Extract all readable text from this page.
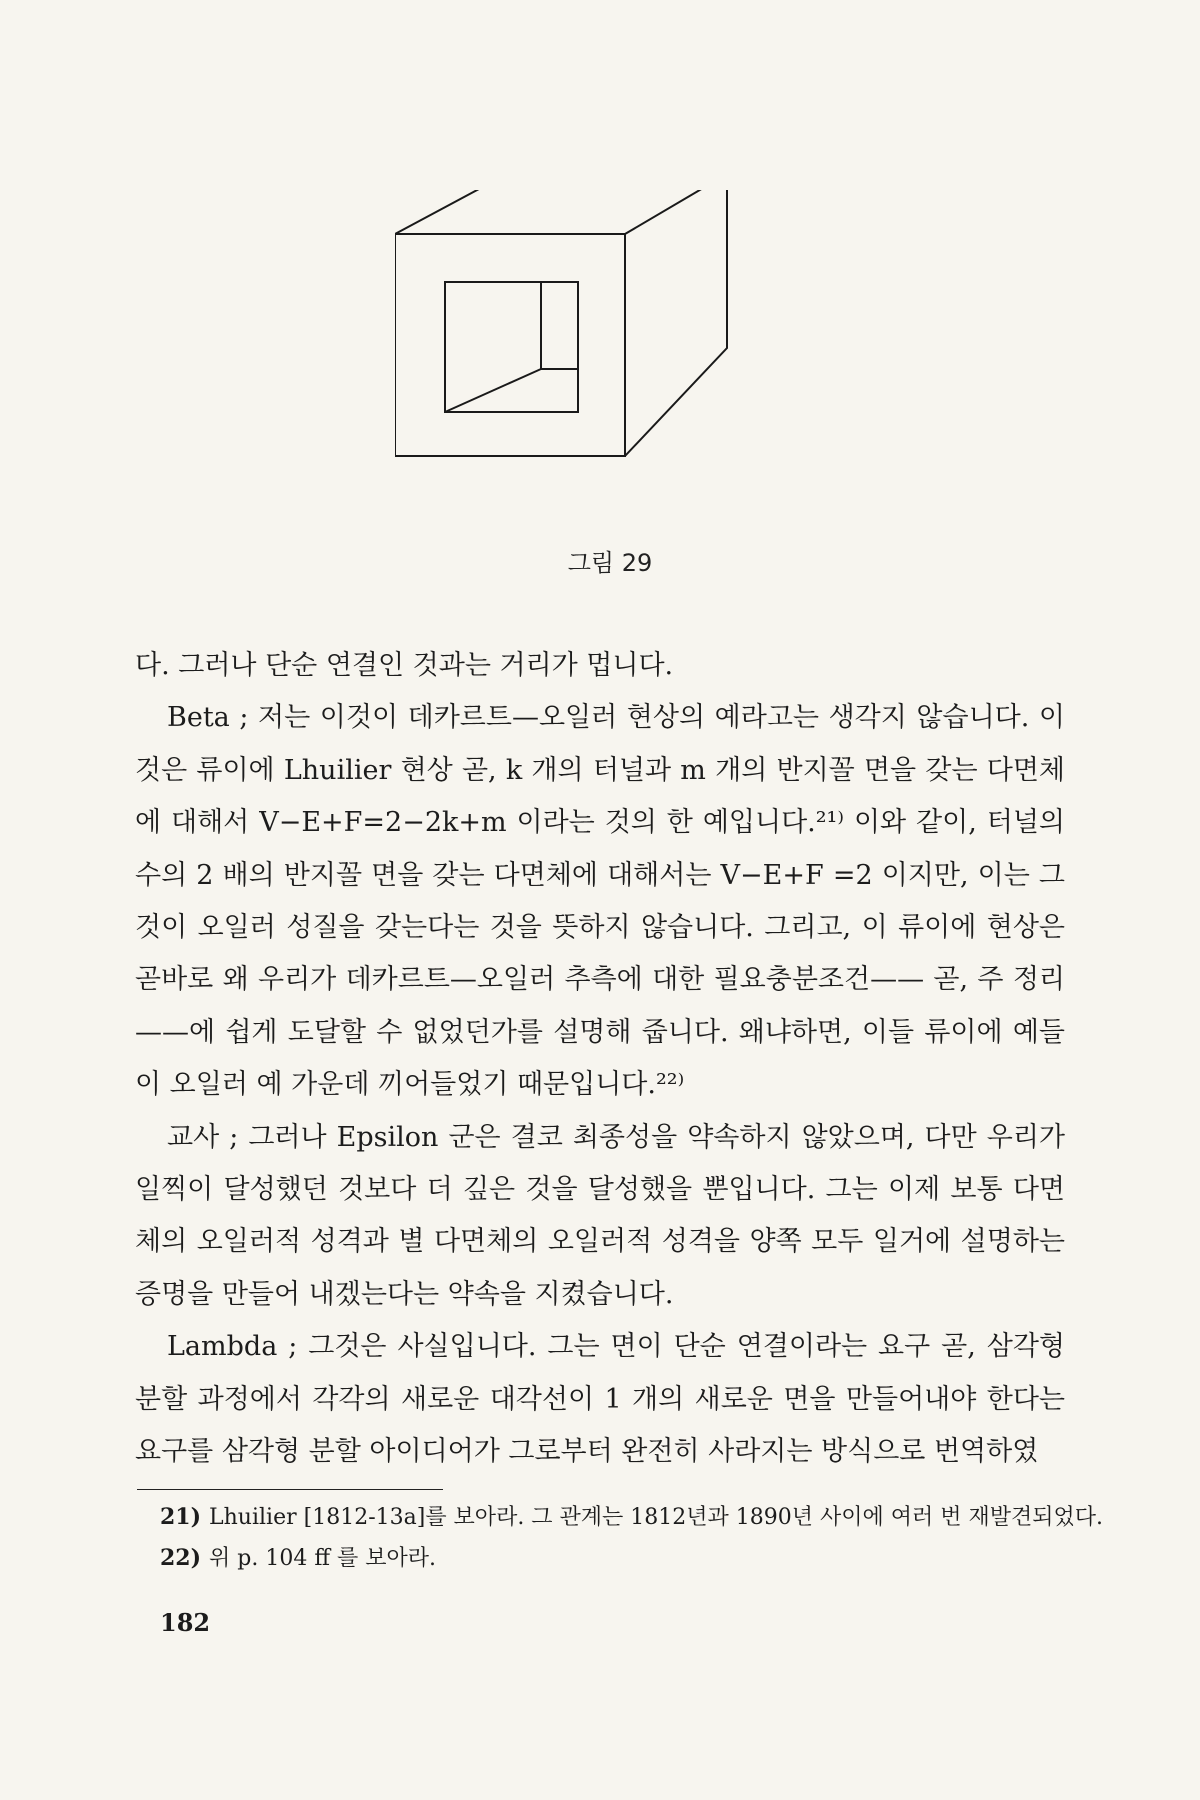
그림 29

다. 그러나 단순 연결인 것과는 거리가 멉니다.

Beta ; 저는 이것이 데카르트—오일러 현상의 예라고는 생각지 않습니다. 이것은 류이에 Lhuilier 현상 곧, k 개의 터널과 m 개의 반지꼴 면을 갖는 다면체에 대해서 V−E+F=2−2k+m 이라는 것의 한 예입니다.²¹⁾ 이와 같이, 터널의 수의 2 배의 반지꼴 면을 갖는 다면체에 대해서는 V−E+F =2 이지만, 이는 그것이 오일러 성질을 갖는다는 것을 뜻하지 않습니다. 그리고, 이 류이에 현상은 곧바로 왜 우리가 데카르트—오일러 추측에 대한 필요충분조건—— 곧, 주 정리——에 쉽게 도달할 수 없었던가를 설명해 줍니다. 왜냐하면, 이들 류이에 예들이 오일러 예 가운데 끼어들었기 때문입니다.²²⁾

교사 ; 그러나 Epsilon 군은 결코 최종성을 약속하지 않았으며, 다만 우리가 일찍이 달성했던 것보다 더 깊은 것을 달성했을 뿐입니다. 그는 이제 보통 다면체의 오일러적 성격과 별 다면체의 오일러적 성격을 양쪽 모두 일거에 설명하는 증명을 만들어 내겠는다는 약속을 지켰습니다.

Lambda ; 그것은 사실입니다. 그는 면이 단순 연결이라는 요구 곧, 삼각형 분할 과정에서 각각의 새로운 대각선이 1 개의 새로운 면을 만들어내야 한다는 요구를 삼각형 분할 아이디어가 그로부터 완전히 사라지는 방식으로 번역하였

21) Lhuilier [1812-13a]를 보아라. 그 관계는 1812년과 1890년 사이에 여러 번 재발견되었다.
22) 위 p. 104 ff 를 보아라.
182
